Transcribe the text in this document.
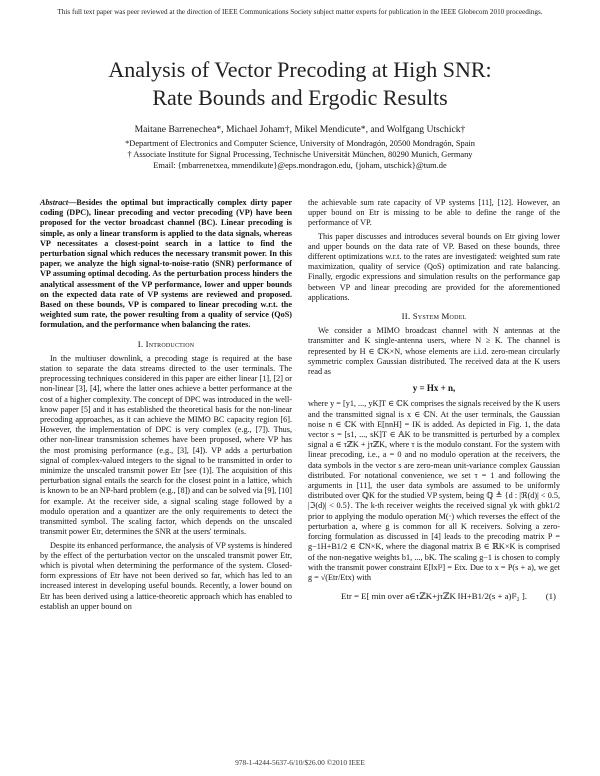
This full text paper was peer reviewed at the direction of IEEE Communications Society subject matter experts for publication in the IEEE Globecom 2010 proceedings.
Analysis of Vector Precoding at High SNR:
Rate Bounds and Ergodic Results
Maitane Barrenechea*, Michael Joham†, Mikel Mendicute*, and Wolfgang Utschick†
*Department of Electronics and Computer Science, University of Mondragón, 20500 Mondragón, Spain
† Associate Institute for Signal Processing, Technische Universität München, 80290 Munich, Germany
Email: {mbarrenetxea, mmendikute}@eps.mondragon.edu, {joham, utschick}@tum.de

Abstract—Besides the optimal but impractically complex dirty paper coding (DPC), linear precoding and vector precoding (VP) have been proposed for the vector broadcast channel (BC). Linear precoding is simple, as only a linear transform is applied to the data signals, whereas VP necessitates a closest-point search in a lattice to find the perturbation signal which reduces the necessary transmit power. In this paper, we analyze the high signal-to-noise-ratio (SNR) performance of VP assuming optimal decoding. As the perturbation process hinders the analytical assessment of the VP performance, lower and upper bounds on the expected data rate of VP systems are reviewed and proposed. Based on these bounds, VP is compared to linear precoding w.r.t. the weighted sum rate, the power resulting from a quality of service (QoS) formulation, and the performance when balancing the rates.

I. Introduction

In the multiuser downlink, a precoding stage is required at the base station to separate the data streams directed to the user terminals. The preprocessing techniques considered in this paper are either linear [1], [2] or non-linear [3], [4], where the latter ones achieve a better performance at the cost of a higher complexity. The concept of DPC was introduced in the well-know paper [5] and it has established the theoretical basis for the non-linear precoding approaches, as it can achieve the MIMO BC capacity region [6]. However, the implementation of DPC is very complex (e.g., [7]). Thus, other non-linear transmission schemes have been proposed, where VP has the most promising performance (e.g., [3], [4]). VP adds a perturbation signal of complex-valued integers to the signal to be transmitted in order to minimize the unscaled transmit power Etr [see (1)]. The acquisition of this perturbation signal entails the search for the closest point in a lattice, which is known to be an NP-hard problem (e.g., [8]) and can be solved via [9], [10] for example. At the receiver side, a signal scaling stage followed by a modulo operation and a quantizer are the only requirements to detect the transmitted symbol. The scaling factor, which depends on the unscaled transmit power Etr, determines the SNR at the users' terminals.

Despite its enhanced performance, the analysis of VP systems is hindered by the effect of the perturbation vector on the unscaled transmit power Etr, which is pivotal when determining the performance of the system. Closed-form expressions of Etr have not been derived so far, which has led to an increased interest in developing useful bounds. Recently, a lower bound on Etr has been derived using a lattice-theoretic approach which has enabled to establish an upper bound on

the achievable sum rate capacity of VP systems [11], [12]. However, an upper bound on Etr is missing to be able to define the range of the performance of VP.

This paper discusses and introduces several bounds on Etr giving lower and upper bounds on the data rate of VP. Based on these bounds, three different optimizations w.r.t. to the rates are investigated: weighted sum rate maximization, quality of service (QoS) optimization and rate balancing. Finally, ergodic expressions and simulation results on the performance gap between VP and linear precoding are provided for the aforementioned applications.

II. System Model

We consider a MIMO broadcast channel with N antennas at the transmitter and K single-antenna users, where N ≥ K. The channel is represented by H ∈ ℂK×N, whose elements are i.i.d. zero-mean circularly symmetric complex Gaussian distributed. The received data at the K users read as

y = Hx + n,

where y = [y1, ..., yK]T ∈ ℂK comprises the signals received by the K users and the transmitted signal is x ∈ ℂN. At the user terminals, the Gaussian noise n ∈ ℂK with E[nnH] = IK is added. As depicted in Fig. 1, the data vector s = [s1, ..., sK]T ∈ 𝔸K to be transmitted is perturbed by a complex signal a ∈ τℤK + jτℤK, where τ is the modulo constant. For the system with linear precoding, i.e., a = 0 and no modulo operation at the receivers, the data symbols in the vector s are zero-mean unit-variance complex Gaussian distributed. For notational convenience, we set τ = 1 and following the arguments in [11], the user data symbols are assumed to be uniformly distributed over ℚK for the studied VP system, being ℚ ≜ {d : |ℜ(d)| < 0.5, |ℑ(d)| < 0.5}. The k-th receiver weights the received signal yk with gbk1/2 prior to applying the modulo operation M(·) which reverses the effect of the perturbation a, where g is common for all K receivers. Solving a zero-forcing formulation as discussed in [4] leads to the precoding matrix P = g−1H+B1/2 ∈ ℂN×K, where the diagonal matrix B ∈ ℝK×K is comprised of the non-negative weights b1, ..., bK. The scaling g−1 is chosen to comply with the transmit power constraint E[‖x‖²] = Etx. Due to x = P(s + a), we get g = √(Etr/Etx) with

Etr = E[ min over a∈τℤK+jτℤK ‖H+B1/2(s + a)‖²₂ ]. (1)
978-1-4244-5637-6/10/$26.00 ©2010 IEEE
